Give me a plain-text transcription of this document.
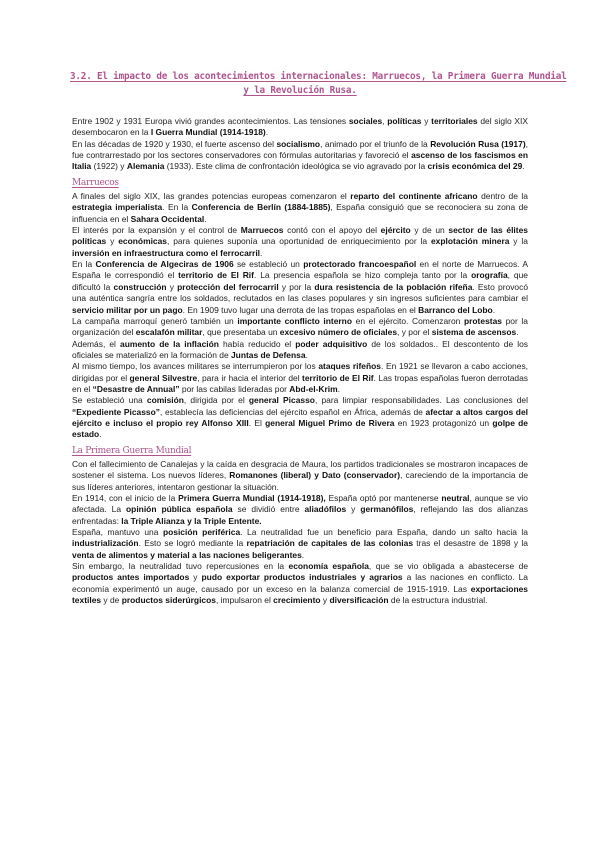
3.2. El impacto de los acontecimientos internacionales: Marruecos, la Primera Guerra Mundial
y la Revolución Rusa.

Entre 1902 y 1931 Europa vivió grandes acontecimientos. Las tensiones sociales, políticas y territoriales del siglo XIX desembocaron en la I Guerra Mundial (1914-1918).

En las décadas de 1920 y 1930, el fuerte ascenso del socialismo, animado por el triunfo de la Revolución Rusa (1917), fue contrarrestado por los sectores conservadores con fórmulas autoritarias y favoreció el ascenso de los fascismos en Italia (1922) y Alemania (1933). Este clima de confrontación ideológica se vio agravado por la crisis económica del 29.

Marruecos

A finales del siglo XIX, las grandes potencias europeas comenzaron el reparto del continente africano dentro de la estrategia imperialista. En la Conferencia de Berlín (1884-1885), España consiguió que se reconociera su zona de influencia en el Sahara Occidental.

El interés por la expansión y el control de Marruecos contó con el apoyo del ejército y de un sector de las élites políticas y económicas, para quienes suponía una oportunidad de enriquecimiento por la explotación minera y la inversión en infraestructura como el ferrocarril.

En la Conferencia de Algeciras de 1906 se estableció un protectorado francoespañol en el norte de Marruecos. A España le correspondió el territorio de El Rif. La presencia española se hizo compleja tanto por la orografía, que dificultó la construcción y protección del ferrocarril y por la dura resistencia de la población rifeña. Esto provocó una auténtica sangría entre los soldados, reclutados en las clases populares y sin ingresos suficientes para cambiar el servicio militar por un pago. En 1909 tuvo lugar una derrota de las tropas españolas en el Barranco del Lobo.

La campaña marroquí generó también un importante conflicto interno en el ejército. Comenzaron protestas por la organización del escalafón militar, que presentaba un excesivo número de oficiales, y por el sistema de ascensos.

Además, el aumento de la inflación había reducido el poder adquisitivo de los soldados.. El descontento de los oficiales se materializó en la formación de Juntas de Defensa.

Al mismo tiempo, los avances militares se interrumpieron por los ataques rifeños. En 1921 se llevaron a cabo acciones, dirigidas por el general Silvestre, para ir hacia el interior del territorio de El Rif. Las tropas españolas fueron derrotadas en el “Desastre de Annual” por las cabilas lideradas por Abd-el-Krim.

Se estableció una comisión, dirigida por el general Picasso, para limpiar responsabilidades. Las conclusiones del “Expediente Picasso”, establecía las deficiencias del ejército español en África, además de afectar a altos cargos del ejército e incluso el propio rey Alfonso XIII. El general Miguel Primo de Rivera en 1923 protagonizó un golpe de estado.

La Primera Guerra Mundial

Con el fallecimiento de Canalejas y la caída en desgracia de Maura, los partidos tradicionales se mostraron incapaces de sostener el sistema. Los nuevos líderes, Romanones (liberal) y Dato (conservador), careciendo de la importancia de sus líderes anteriores, intentaron gestionar la situación.

En 1914, con el inicio de la Primera Guerra Mundial (1914-1918), España optó por mantenerse neutral, aunque se vio afectada. La opinión pública española se dividió entre aliadófilos y germanófilos, reflejando las dos alianzas enfrentadas: la Triple Alianza y la Triple Entente.

España, mantuvo una posición periférica. La neutralidad fue un beneficio para España, dando un salto hacia la industrialización. Esto se logró mediante la repatriación de capitales de las colonias tras el desastre de 1898 y la venta de alimentos y material a las naciones beligerantes.

Sin embargo, la neutralidad tuvo repercusiones en la economía española, que se vio obligada a abastecerse de productos antes importados y pudo exportar productos industriales y agrarios a las naciones en conflicto. La economía experimentó un auge, causado por un exceso en la balanza comercial de 1915-1919. Las exportaciones textiles y de productos siderúrgicos, impulsaron el crecimiento y diversificación de la estructura industrial.
